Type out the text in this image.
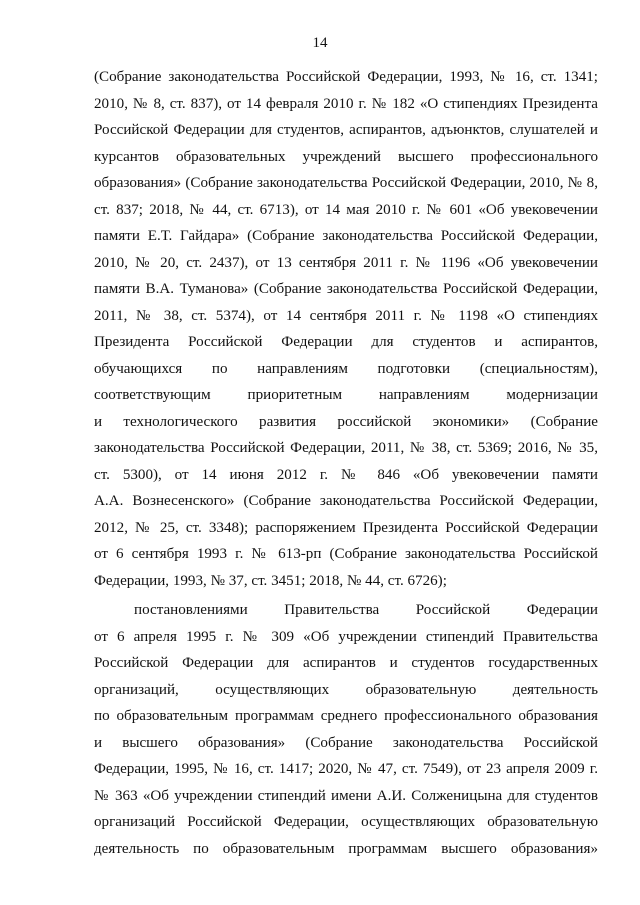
14
(Собрание законодательства Российской Федерации, 1993, № 16, ст. 1341;
2010, № 8, ст. 837), от 14 февраля 2010 г. № 182 «О стипендиях Президента
Российской Федерации для студентов, аспирантов, адъюнктов, слушателей и
курсантов образовательных учреждений высшего профессионального
образования» (Собрание законодательства Российской Федерации, 2010, № 8,
ст. 837; 2018, № 44, ст. 6713), от 14 мая 2010 г. № 601 «Об увековечении
памяти Е.Т. Гайдара» (Собрание законодательства Российской Федерации,
2010, № 20, ст. 2437), от 13 сентября 2011 г. № 1196 «Об увековечении
памяти В.А. Туманова» (Собрание законодательства Российской Федерации,
2011, № 38, ст. 5374), от 14 сентября 2011 г. № 1198 «О стипендиях
Президента Российской Федерации для студентов и аспирантов,
обучающихся по направлениям подготовки (специальностям),
соответствующим приоритетным направлениям модернизации
и технологического развития российской экономики» (Собрание
законодательства Российской Федерации, 2011, № 38, ст. 5369; 2016, № 35,
ст. 5300), от 14 июня 2012 г. № 846 «Об увековечении памяти
А.А. Вознесенского» (Собрание законодательства Российской Федерации,
2012, № 25, ст. 3348); распоряжением Президента Российской Федерации
от 6 сентября 1993 г. № 613-рп (Собрание законодательства Российской
Федерации, 1993, № 37, ст. 3451; 2018, № 44, ст. 6726);
постановлениями Правительства Российской Федерации
от 6 апреля 1995 г. № 309 «Об учреждении стипендий Правительства
Российской Федерации для аспирантов и студентов государственных
организаций, осуществляющих образовательную деятельность
по образовательным программам среднего профессионального образования
и высшего образования» (Собрание законодательства Российской
Федерации, 1995, № 16, ст. 1417; 2020, № 47, ст. 7549), от 23 апреля 2009 г.
№ 363 «Об учреждении стипендий имени А.И. Солженицына для студентов
организаций Российской Федерации, осуществляющих образовательную
деятельность по образовательным программам высшего образования»
